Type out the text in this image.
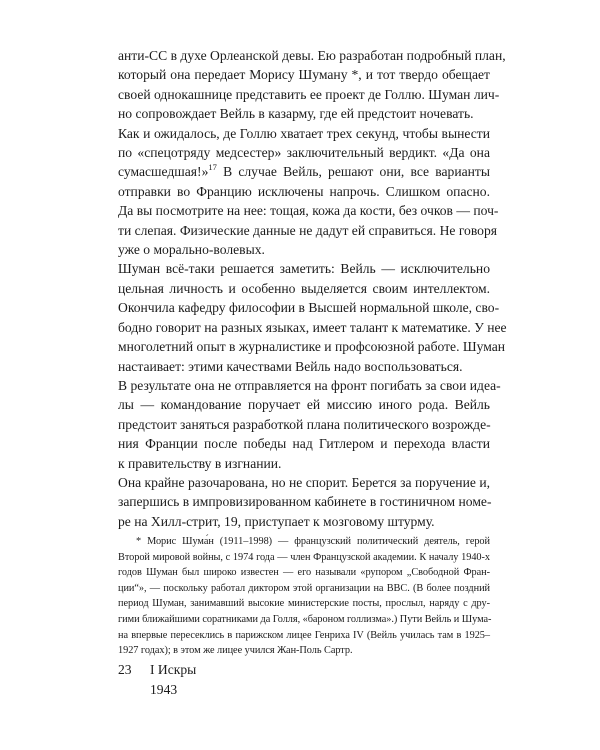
анти-СС в духе Орлеанской девы. Ею разработан подробный план,
который она передает Морису Шуману *, и тот твердо обещает
своей однокашнице представить ее проект де Голлю. Шуман лич-
но сопровождает Вейль в казарму, где ей предстоит ночевать.

Как и ожидалось, де Голлю хватает трех секунд, чтобы вынести
по «спецотряду медсестер» заключительный вердикт. «Да она
сумасшедшая!»$^{17}$ В случае Вейль, решают они, все варианты
отправки во Францию исключены напрочь. Слишком опасно.
Да вы посмотрите на нее: тощая, кожа да кости, без очков — поч-
ти слепая. Физические данные не дадут ей справиться. Не говоря
уже о морально-волевых.

Шуман всё-таки решается заметить: Вейль — исключительно
цельная личность и особенно выделяется своим интеллектом.
Окончила кафедру философии в Высшей нормальной школе, сво-
бодно говорит на разных языках, имеет талант к математике. У нее
многолетний опыт в журналистике и профсоюзной работе. Шуман
настаивает: этими качествами Вейль надо воспользоваться.

В результате она не отправляется на фронт погибать за свои идеа-
лы — командование поручает ей миссию иного рода. Вейль
предстоит заняться разработкой плана политического возрожде-
ния Франции после победы над Гитлером и перехода власти
к правительству в изгнании.

Она крайне разочарована, но не спорит. Берется за поручение и,
запершись в импровизированном кабинете в гостиничном номе-
ре на Хилл-стрит, 19, приступает к мозговому штурму.

* Морис Шума́н (1911–1998) — французский политический деятель, герой
Второй мировой войны, с 1974 года — член Французской академии. К началу 1940-х
годов Шуман был широко известен — его называли «рупором „Свободной Фран-
ции“», — поскольку работал диктором этой организации на BBC. (В более поздний
период Шуман, занимавший высокие министерские посты, прослыл, наряду с дру-
гими ближайшими соратниками да Голля, «бароном голлизма».) Пути Вейль и Шума-
на впервые пересеклись в парижском лицее Генриха IV (Вейль училась там в 1925–
1927 годах); в этом же лицее учился Жан-Поль Сартр.
23 I Искры
1943
